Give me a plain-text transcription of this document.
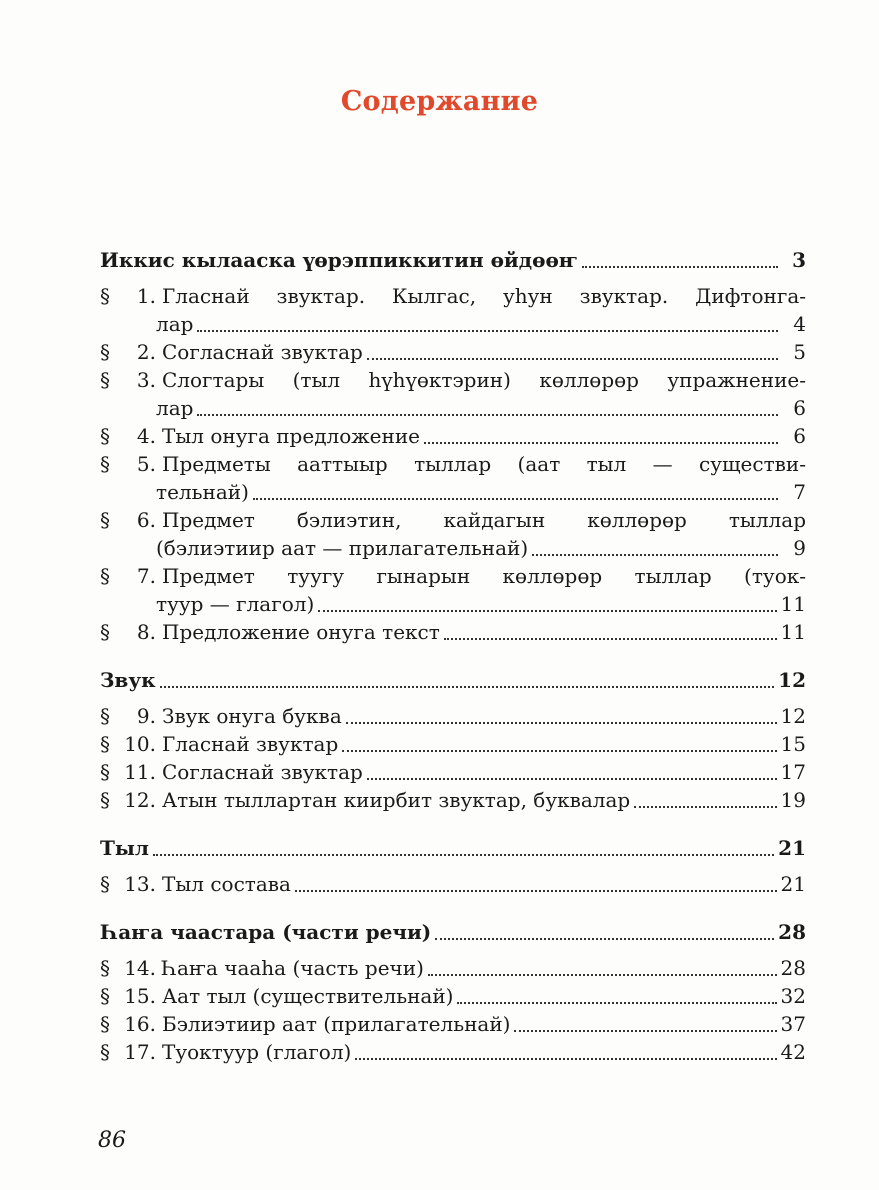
Содержание
Иккис кылааска үөрэппиккитин өйдөөҥ	3
§	1. Гласнай звуктар. Кылгас, уһун звуктар. Дифтонга-
лар	4
§	2. Согласнай звуктар	5
§	3. Слогтары (тыл һүһүөктэрин) көллөрөр упражнение-
лар	6
§	4. Тыл онуга предложение	6
§	5. Предметы ааттыыр тыллар (аат тыл — существи-
тельнай)	7
§	6. Предмет бэлиэтин, кайдагын көллөрөр тыллар
(бэлиэтиир аат — прилагательнай)	9
§	7. Предмет туугу гынарын көллөрөр тыллар (туок-
туур — глагол)	11
§	8. Предложение онуга текст	11
Звук	12
§	9. Звук онуга буква	12
§ 10. Гласнай звуктар	15
§ 11. Согласнай звуктар	17
§ 12. Атын тыллартан киирбит звуктар, буквалар	19
Тыл	21
§ 13. Тыл состава	21
Һаҥа чаастара (части речи)	28
§ 14. Һаҥа чааһа (часть речи)	28
§ 15. Аат тыл (существительнай)	32
§ 16. Бэлиэтиир аат (прилагательнай)	37
§ 17. Туоктуур (глагол)	42
86
